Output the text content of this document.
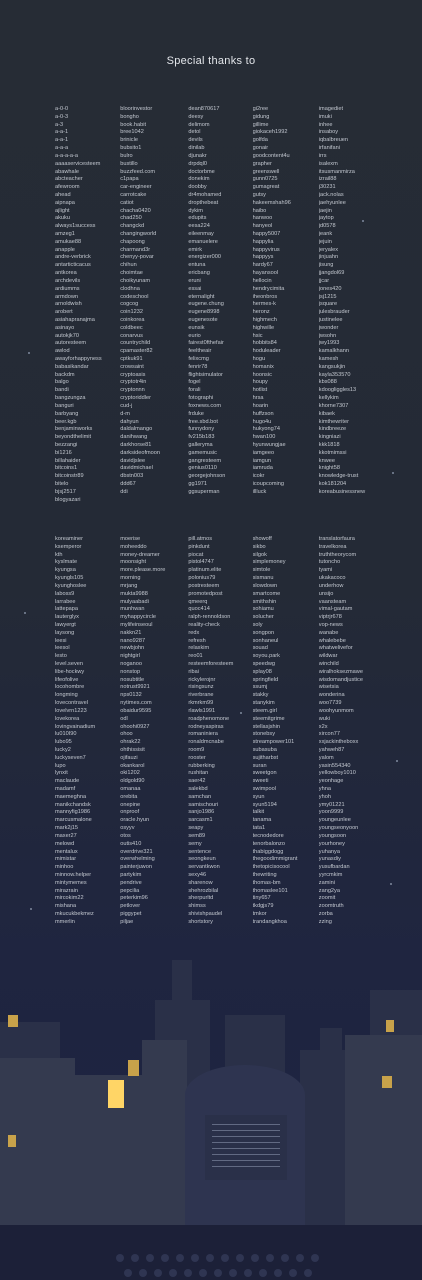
Special thanks to
a-0-0
a-0-3
a-3
a-a-1
a-a-1
a-a-a
a-a-a-a-a
aaaaservicesteem
abawhale
abcteacher
afewroom
ahead
aipnapa
ajlight
akuku
always1success
amzeg1
amukae88
anapple
andre-verbrick
antarticticacus
antkorea
archdevils
ardiumms
armdown
arnoldwish
arobert
asiahapranajma
asinayo
autokjk70
autoresteem
awlod
awayforhappyness
babasikandar
backdm
balgo
bandi
bangzungza
banguri
barbyang
beer.kgb
benjaminworks
beyondthelimit
bezzangi
bi1216
billahaider
bitcoins1
bitcoinstr89
bitelo
bjsj2517
blogyazari
bloorinvestor
bongho
book.habit
bree1042
brinicle
bubsito1
bulro
bustillo
buzzfeed.com
c1papa
car-engineer
carrotcake
catiot
chacha0420
chad250
changckd
changingworld
chapoong
charmand3r
chenyy-povar
chihun
choimtae
choikyunam
clodhna
codeschool
cogcog
coin1232
coinkorea
coldbeec
conarvus
countrychild
cpamaster82
cptkuk91
crowsaint
cryptoasis
cryptotr4in
cryptonnn
cryptoriddler
cud-j
d-m
dahyun
daldalmango
danihwang
darkhorse81
darksideofmoon
davidjslee
davidmichael
dbstn003
ddd67
ddi
dean870617
deesy
delimom
detol
devils
dinilab
djunakr
drpdql0
doctorbme
donekim
doobby
dr4mohamed
dropthebeat
dykim
edupits
eesa224
eileenmay
emanuelere
emirk
energizer000
entuna
ericbang
eruni
essai
eternalight
eugene.chung
eugene8998
eugenesote
eunsik
eurio
fairest0fthefair
feeltheair
felixcmg
fenrir78
flightsimulator
fogel
forali
fotographi
foxnews.com
frduke
free.sbd.bot
funnydony
fv215b183
galleryma
gamemusic
gangresteem
genius0110
georgejohnson
gg1971
ggsuperman
gi2ree
gidung
gillime
giokaceh1992
golfda
gonair
goodcontent4u
grapher
greenswell
gunn0725
gumagreat
gutsy
hakeemshah96
haibo
hanwoo
hanyeol
happy5007
happylia
happyvirus
happyys
hardy67
hayansool
hellocin
hendrycimita
iheonbros
hermes-k
heronz
highmech
highwille
hsic
hobbits84
hoduleader
hogu
homanix
hoonsic
houpy
hotlist
hrsa
hoarin
huffzson
hugo4u
hukyong74
hwan100
hyunwungjae
iamgeeo
iamgun
iamruda
icokr
icoupcoming
illluck
imagediet
imuki
inhee
insaboy
iqbalbreuen
irfanifani
irrs
isalexm
itsusmanmirza
izrail88
j30231
jack.nolas
jaehyunlee
jaejin
jaytop
jd0578
jeank
jejuin
jeryalex
jinjuahn
jisung
jjangdol69
jjcar
jones420
jsj1215
jsquare
julesbrauder
justinelee
jwonder
jwsohn
jwy1993
kamalkhann
kamesh
kangsukjin
kayla353570
kbs088
kdoogliggles13
kellykim
khorne7307
kibaek
kimthewriter
kindbreeze
kingniazi
kkk1818
kkotmimssi
knwee
knight58
knowledge-trust
kok181204
koreabusinessnew
koreaminer
ksemperor
kth
kyslmate
kyungsa
kyungls105
kyunghoslee
laboss9
larrabee
lattepapa
lauterglyx
lawyergt
laysong
leesi
leesol
lesto
level.seven
libe-hockwy
lifeofolive
locohombre
longming
lovecontravel
lovelvrn1223
lovekorea
lovingvainadium
lu010I90
lubo95
lucky2
luckyseven7
lupo
lynxit
maclaude
madamf
maemeghna
manikchandsk
mannyfig1986
marcusmalone
mark2j15
maxer27
melowd
mentalux
mimistar
minhoo
minnow.helper
mintymemes
mirazrain
mircokim22
mishana
mkucukbekmez
mmerlin
moerise
moheeddo
money-dreamer
moonsight
more.please.more
morning
mrjang
mukta9988
mulyaabadi
munhwan
myhappycircle
mylifeinseoul
nakkn21
nano9287
newbjohn
nightgirl
noganoo
nonstop
nosubtitle
notrust9921
nps0132
nytimes.com
obaidur9595
odl
ohoohi0927
ohoo
ohrak22
ohthissisit
ojifauzi
okankarol
oki1202
oldgold90
omanaa
orebita
onepine
onproof
oracle.hyun
osyyv
otos
outis410
overdrive321
overwhelming
painterjuwon
partykim
pendrive
pepcilia
peterkim96
petlover
piggypet
piljae
pill.atmos
pinkdunt
piocat
pistol4747
platinum.elite
polonius79
postresteem
promotedpost
qmeerq
quoc414
ralph-rennoldson
reality-check
redx
refresh
relaxkim
reo01
resteemforesteem
ribai
rickylerojnr
risingsunz
riverbrane
rkmrkm99
rlawls1991
roadphenomone
rodneyaspiras
romaniniera
ronaldmcnabe
room9
rooster
rubberking
rushitan
saer42
salekbd
samchan
samischouri
sanjo1986
sarcasm1
seapy
sem89
semy
sentence
seongkeun
servantkwon
sexy46
sharenow
shehrozbilal
sherpurltd
shimss
shivishpaudel
shortstory
showoff
sikbo
silgok
simplemoney
simtole
sismanu
slowdown
smartcome
smithshin
sohiamu
solucher
soly
songpon
sonhaneul
souad
soyou.park
speedwg
splay08
springfield
ssumj
stakky
stanykim
steem.girl
steemitgrime
stellasjshin
stonebsy
streampower101
subasuba
sujitharbst
suran
sweetgon
sweeti
swimpool
syun
syun5194
talkit
tanama
tata1
tecnodedore
tenorbalonzo
thabiggdogg
thegoodimmigrant
thetopicisocool
thewriting
thomas-bm
thomaslee101
tiny657
tkdgjs79
tmkor
trandangkhoa
translatorfaura
travelkorea
truththeorycom
tutoncho
tyami
ukakacoco
underhow
unsijo
vaansteam
vimal-gautam
viptrjr678
vop-news
wanabe
whalebebe
whatwelivefor
wildwar
winchild
wiralhoksezmawe
wisdomandjustice
wisetsia
wonderina
woo7739
woohyunmom
wuki
x2x
xircon77
xxjackintheboxx
yahweh87
yalom
yasin554340
yellowboy1010
yeonhage
yhna
yhoh
ymy01221
yoon9999
youngeunlee
youngseonyoon
youngsoon
yourhoney
yuhanya
yunasdiy
yusufbardan
yyrcmkim
zamini
zang2ya
zoomit
zoomtruth
zorba
zzing
